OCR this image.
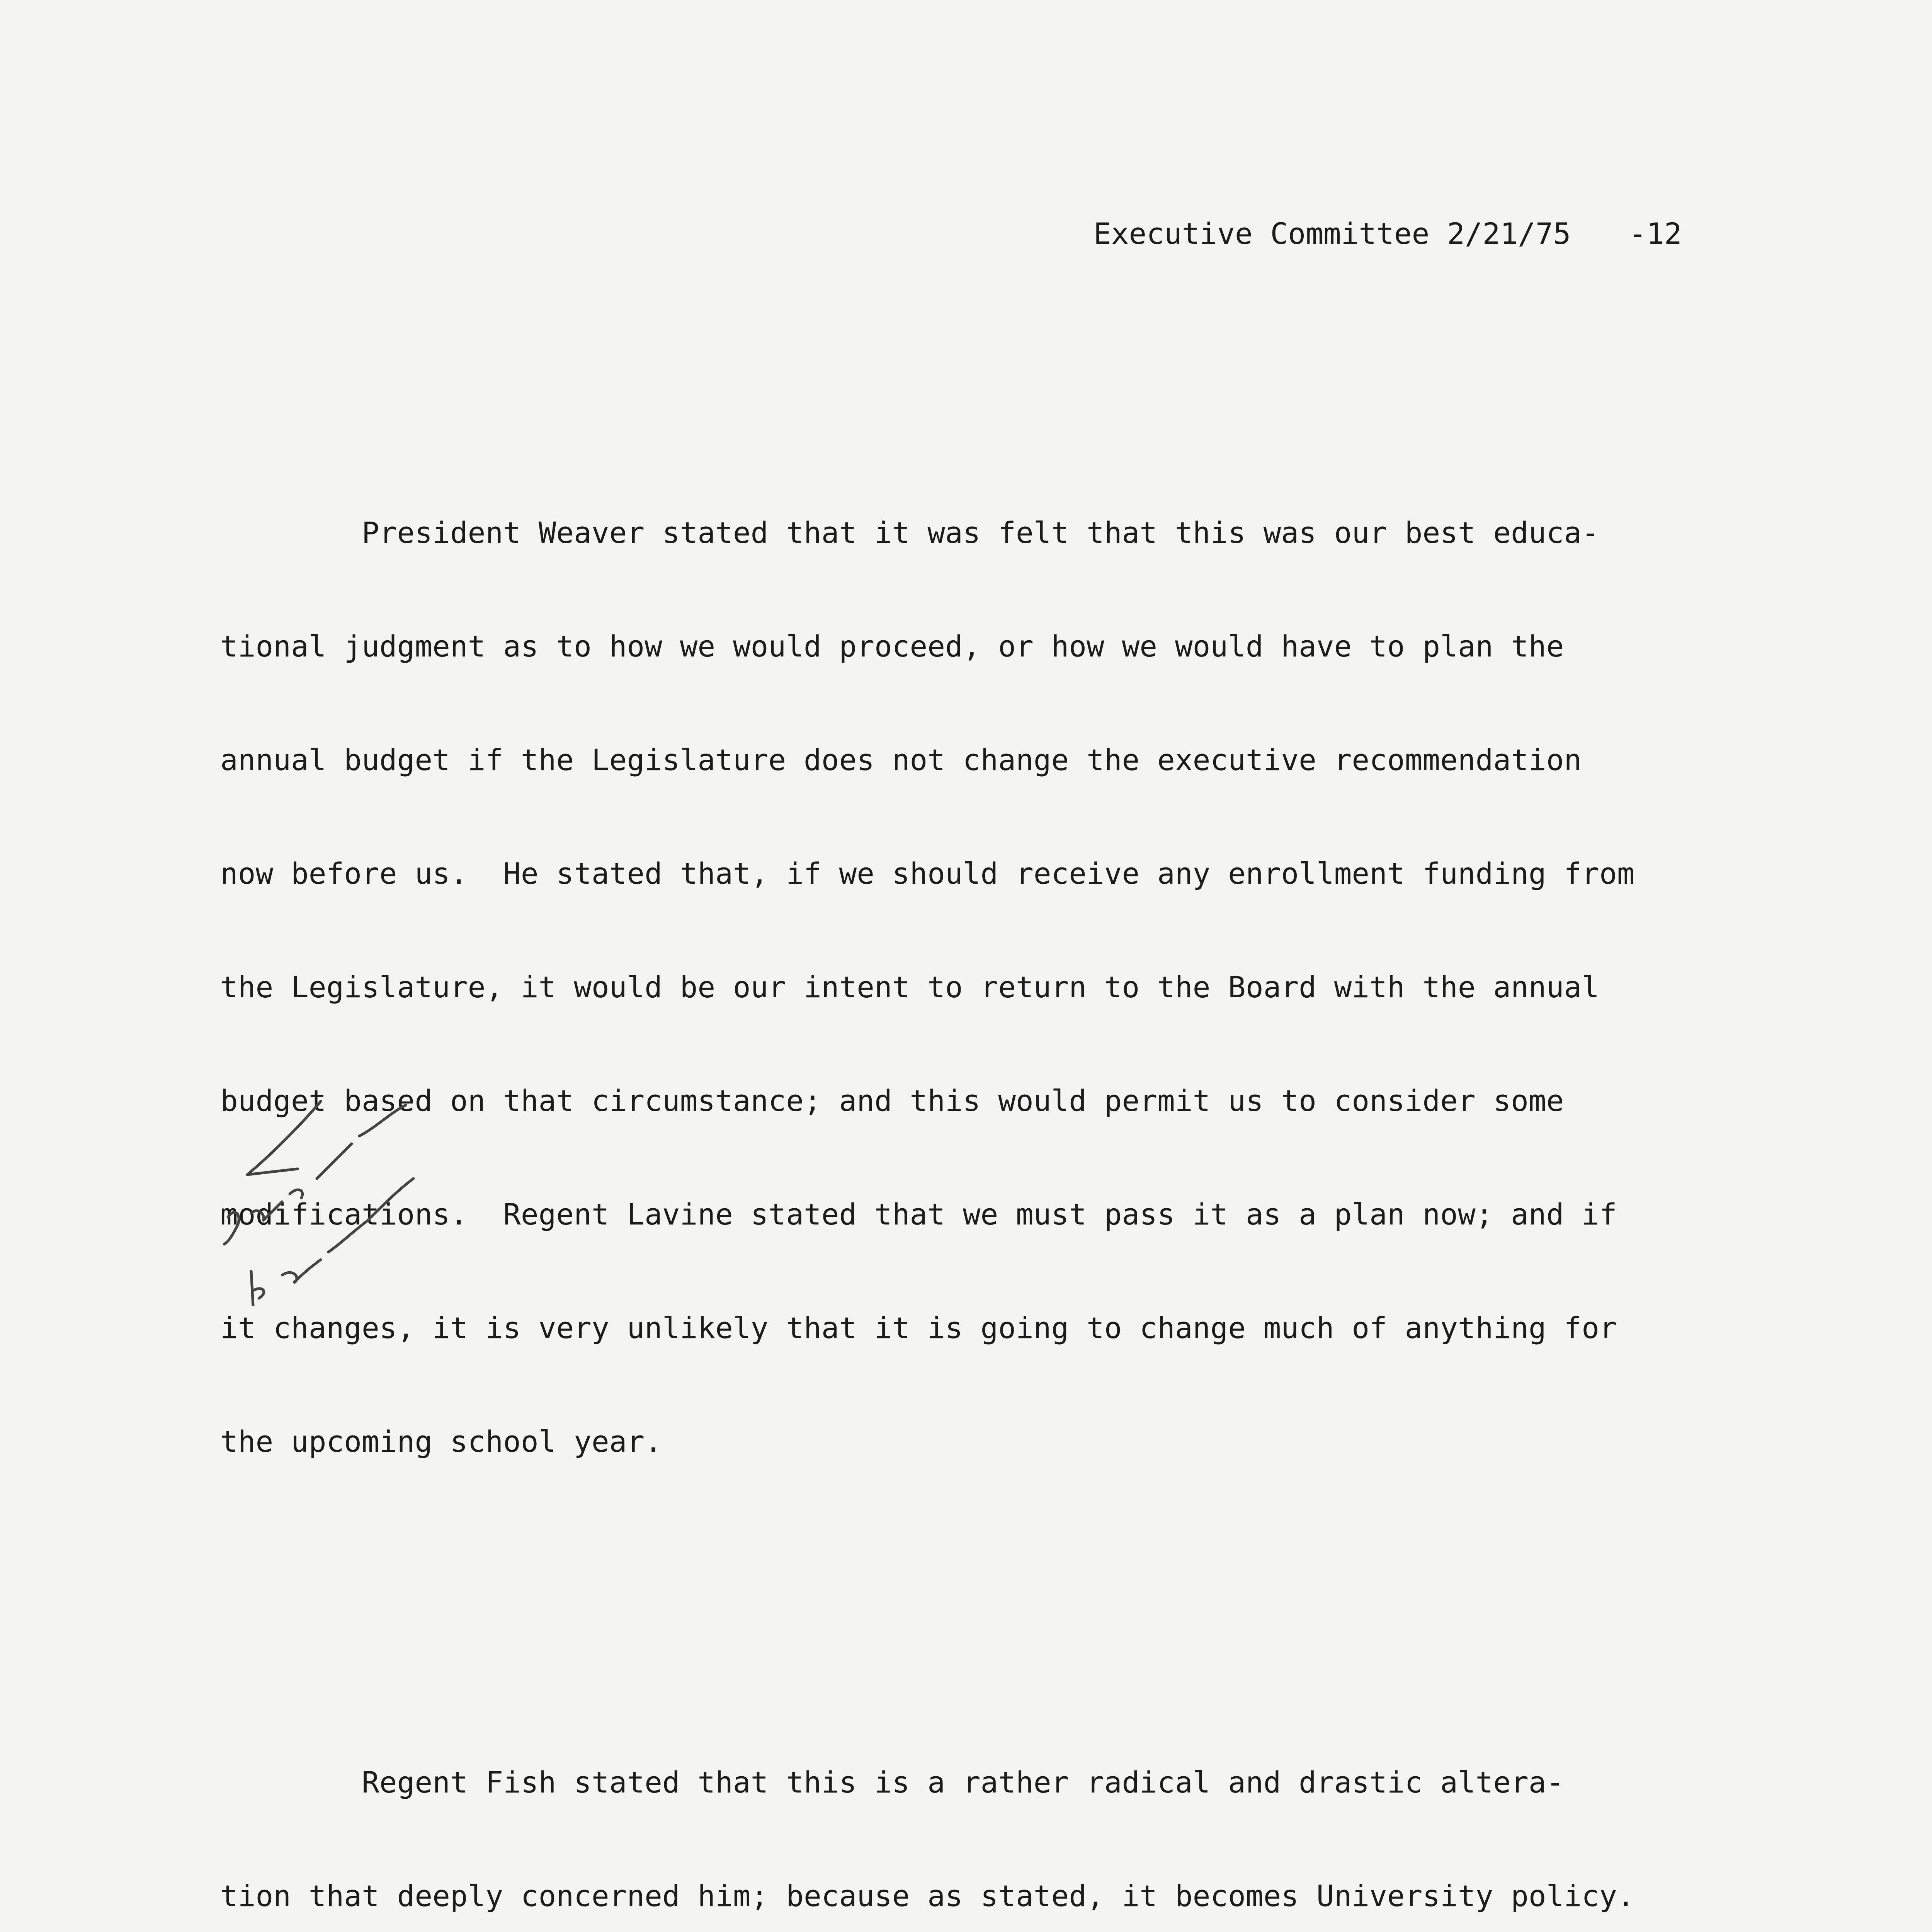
Executive Committee 2/21/75 -12

President Weaver stated that it was felt that this was our best educa-

tional judgment as to how we would proceed, or how we would have to plan the

annual budget if the Legislature does not change the executive recommendation

now before us.  He stated that, if we should receive any enrollment funding from

the Legislature, it would be our intent to return to the Board with the annual

budget based on that circumstance; and this would permit us to consider some

modifications.  Regent Lavine stated that we must pass it as a plan now; and if

it changes, it is very unlikely that it is going to change much of anything for

the upcoming school year.

Regent Fish stated that this is a rather radical and drastic altera-

tion that deeply concerned him; because as stated, it becomes University policy.
